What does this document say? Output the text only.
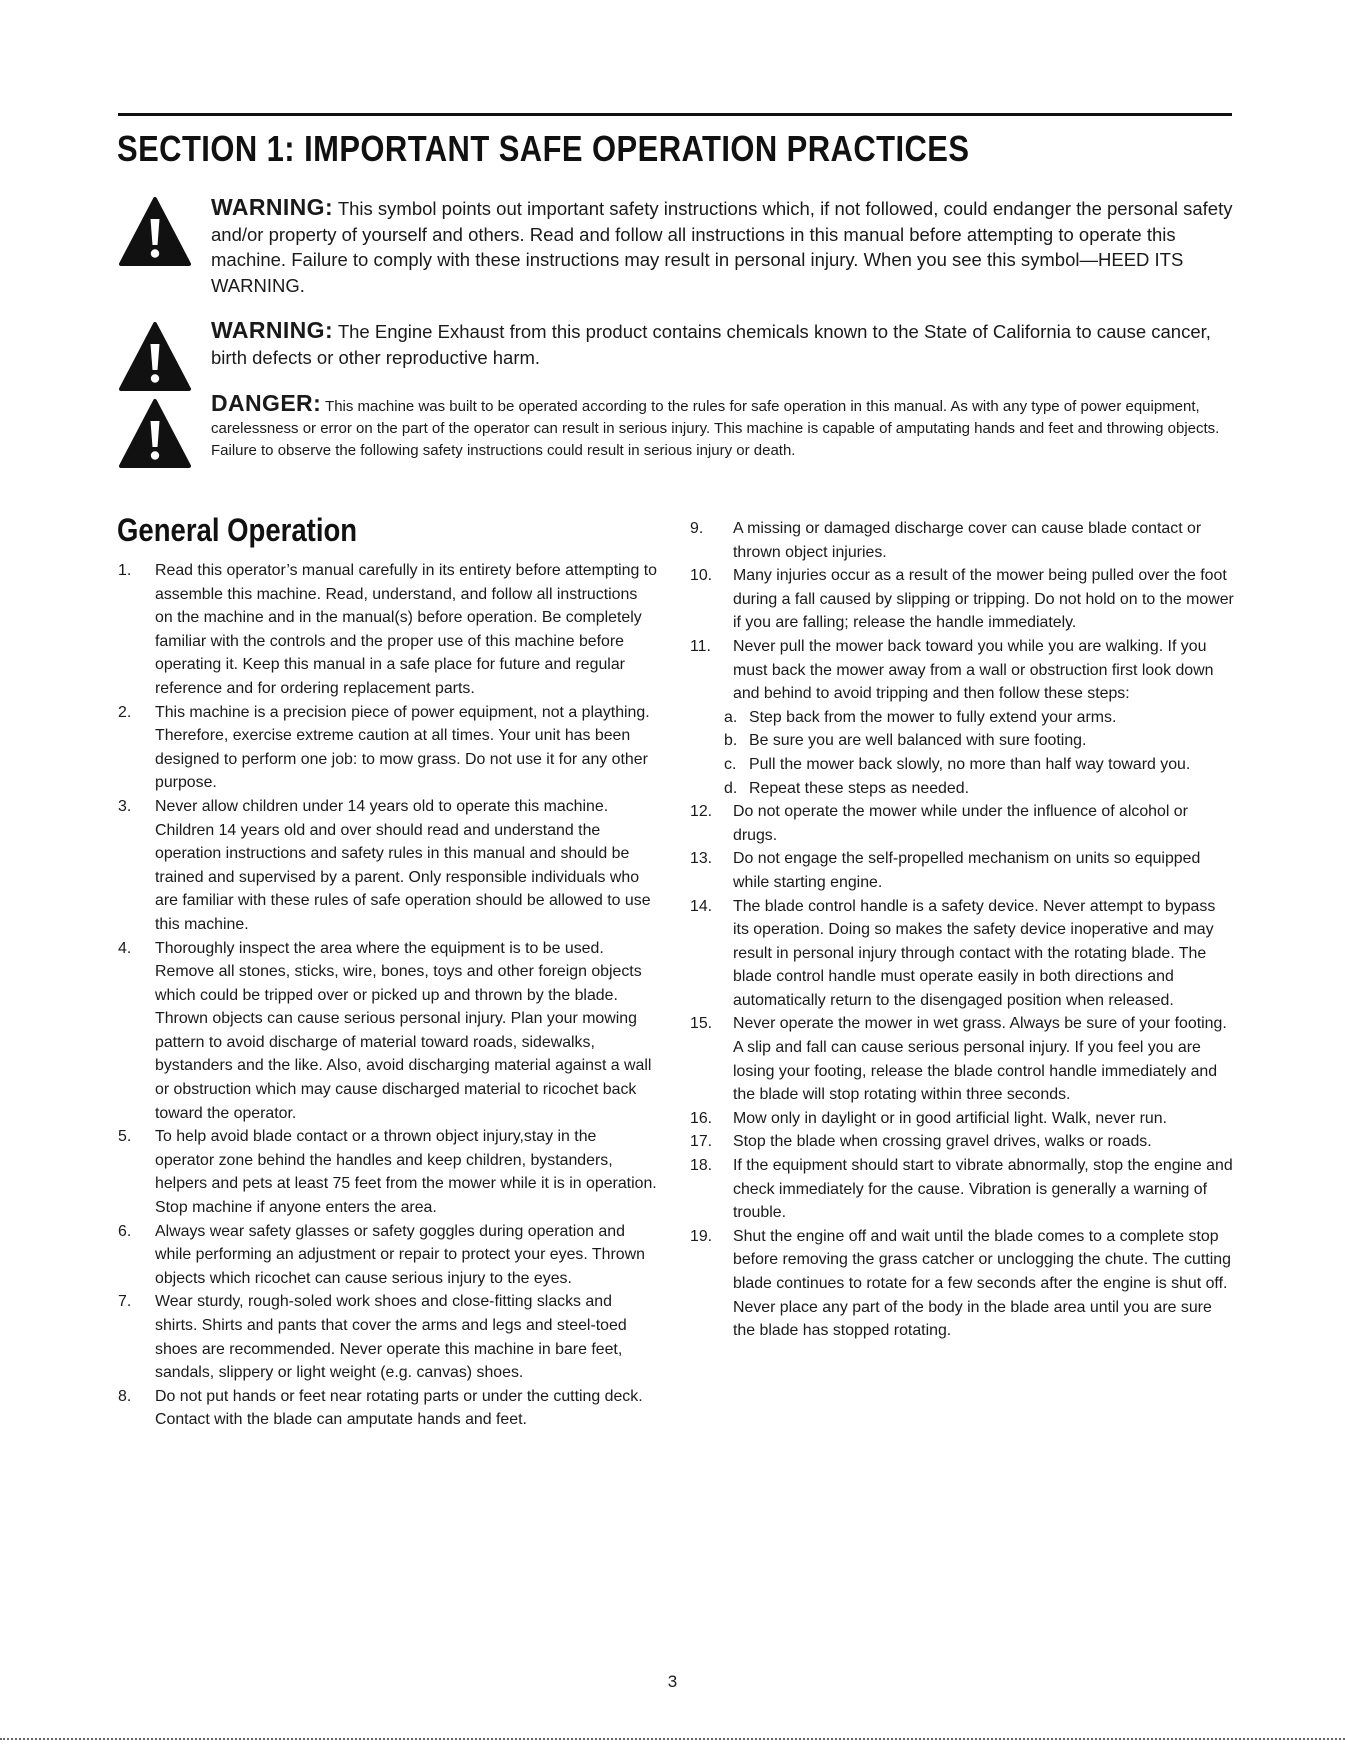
SECTION 1: IMPORTANT SAFE OPERATION PRACTICES
WARNING: This symbol points out important safety instructions which, if not followed, could endanger the personal safety and/or property of yourself and others. Read and follow all instructions in this manual before attempting to operate this machine. Failure to comply with these instructions may result in personal injury. When you see this symbol—HEED ITS WARNING.
WARNING: The Engine Exhaust from this product contains chemicals known to the State of California to cause cancer, birth defects or other reproductive harm.
DANGER: This machine was built to be operated according to the rules for safe operation in this manual. As with any type of power equipment, carelessness or error on the part of the operator can result in serious injury. This machine is capable of amputating hands and feet and throwing objects. Failure to observe the following safety instructions could result in serious injury or death.
General Operation
1. Read this operator’s manual carefully in its entirety before attempting to assemble this machine. Read, understand, and follow all instructions on the machine and in the manual(s) before operation. Be completely familiar with the controls and the proper use of this machine before operating it. Keep this manual in a safe place for future and regular reference and for ordering replacement parts.
2. This machine is a precision piece of power equipment, not a plaything. Therefore, exercise extreme caution at all times. Your unit has been designed to perform one job: to mow grass. Do not use it for any other purpose.
3. Never allow children under 14 years old to operate this machine. Children 14 years old and over should read and understand the operation instructions and safety rules in this manual and should be trained and supervised by a parent. Only responsible individuals who are familiar with these rules of safe operation should be allowed to use this machine.
4. Thoroughly inspect the area where the equipment is to be used. Remove all stones, sticks, wire, bones, toys and other foreign objects which could be tripped over or picked up and thrown by the blade. Thrown objects can cause serious personal injury. Plan your mowing pattern to avoid discharge of material toward roads, sidewalks, bystanders and the like. Also, avoid discharging material against a wall or obstruction which may cause discharged material to ricochet back toward the operator.
5. To help avoid blade contact or a thrown object injury,stay in the operator zone behind the handles and keep children, bystanders, helpers and pets at least 75 feet from the mower while it is in operation. Stop machine if anyone enters the area.
6. Always wear safety glasses or safety goggles during operation and while performing an adjustment or repair to protect your eyes. Thrown objects which ricochet can cause serious injury to the eyes.
7. Wear sturdy, rough-soled work shoes and close-fitting slacks and shirts. Shirts and pants that cover the arms and legs and steel-toed shoes are recommended. Never operate this machine in bare feet, sandals, slippery or light weight (e.g. canvas) shoes.
8. Do not put hands or feet near rotating parts or under the cutting deck. Contact with the blade can amputate hands and feet.
9. A missing or damaged discharge cover can cause blade contact or thrown object injuries.
10. Many injuries occur as a result of the mower being pulled over the foot during a fall caused by slipping or tripping. Do not hold on to the mower if you are falling; release the handle immediately.
11. Never pull the mower back toward you while you are walking. If you must back the mower away from a wall or obstruction first look down and behind to avoid tripping and then follow these steps:
a. Step back from the mower to fully extend your arms.
b. Be sure you are well balanced with sure footing.
c. Pull the mower back slowly, no more than half way toward you.
d. Repeat these steps as needed.
12. Do not operate the mower while under the influence of alcohol or drugs.
13. Do not engage the self-propelled mechanism on units so equipped while starting engine.
14. The blade control handle is a safety device. Never attempt to bypass its operation. Doing so makes the safety device inoperative and may result in personal injury through contact with the rotating blade. The blade control handle must operate easily in both directions and automatically return to the disengaged position when released.
15. Never operate the mower in wet grass. Always be sure of your footing. A slip and fall can cause serious personal injury. If you feel you are losing your footing, release the blade control handle immediately and the blade will stop rotating within three seconds.
16. Mow only in daylight or in good artificial light. Walk, never run.
17. Stop the blade when crossing gravel drives, walks or roads.
18. If the equipment should start to vibrate abnormally, stop the engine and check immediately for the cause. Vibration is generally a warning of trouble.
19. Shut the engine off and wait until the blade comes to a complete stop before removing the grass catcher or unclogging the chute. The cutting blade continues to rotate for a few seconds after the engine is shut off. Never place any part of the body in the blade area until you are sure the blade has stopped rotating.
3
